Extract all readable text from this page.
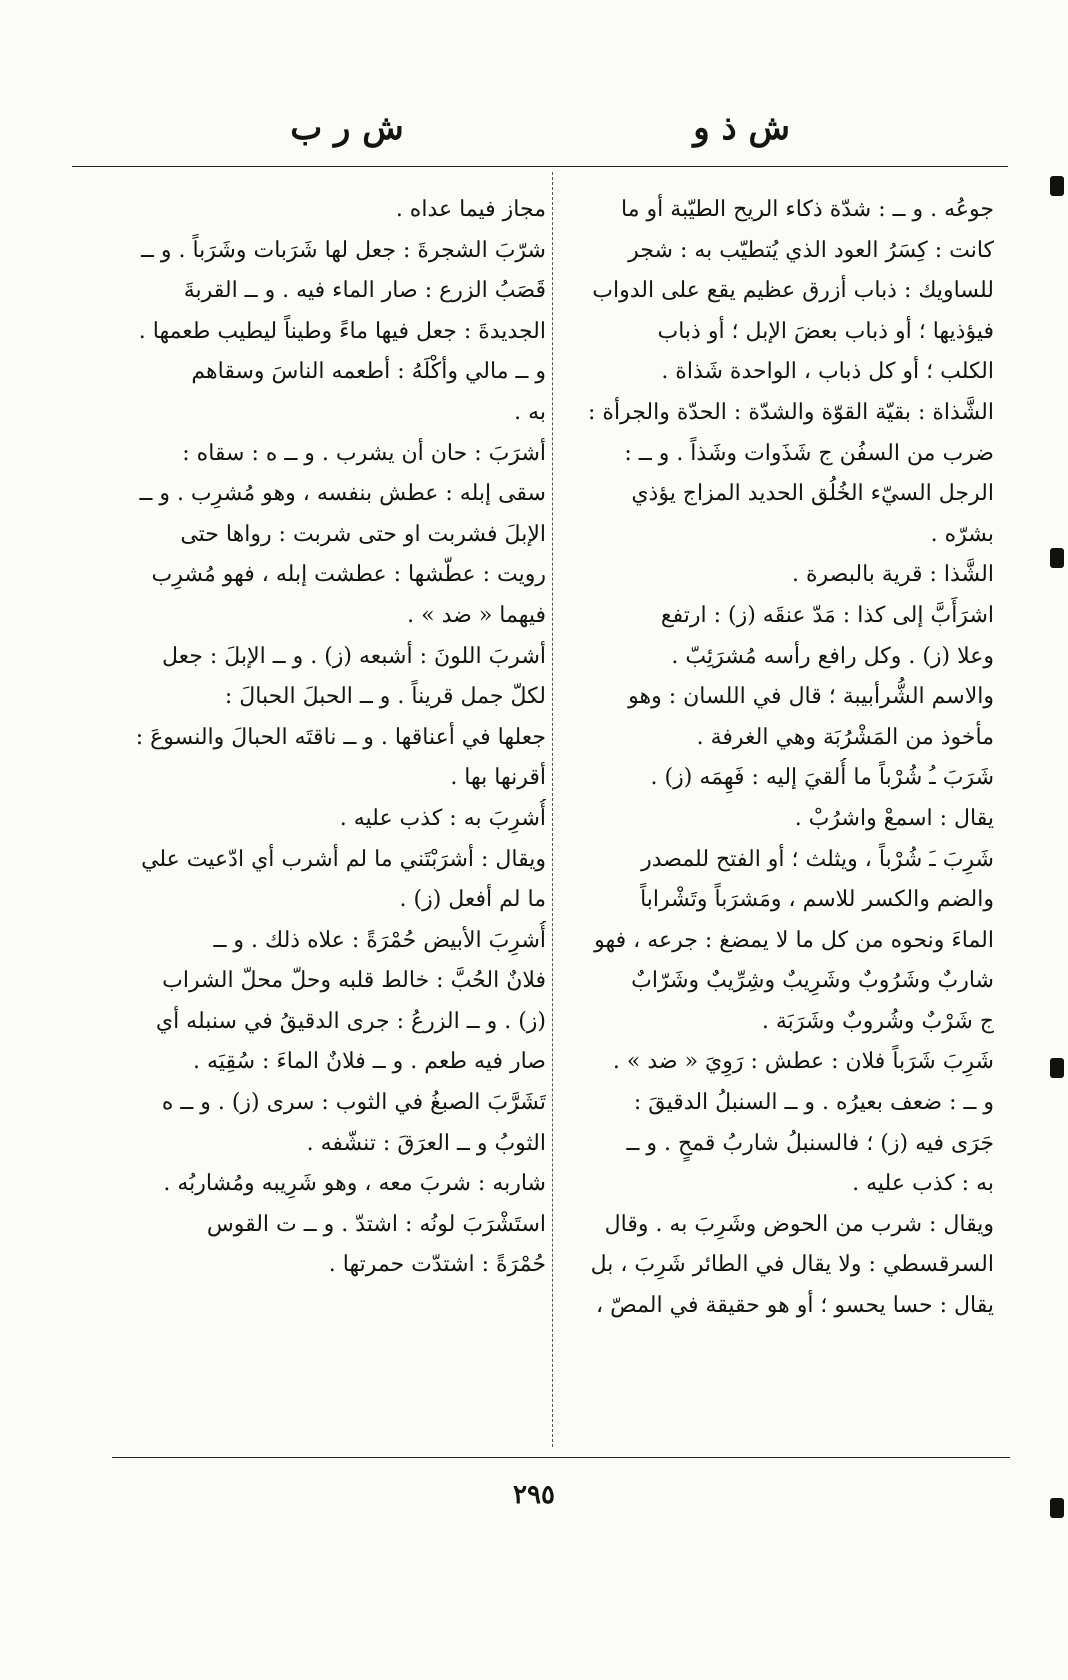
ش ذ و
ش ر ب
جوعُه . و ــ : شدّة ذكاء الريح الطيّبة أو ما
كانت : كِسَرُ العود الذي يُتطيّب به : شجر
للساويك : ذباب أزرق عظيم يقع على الدواب
فيؤذيها ؛ أو ذباب بعضَ الإبل ؛ أو ذباب
الكلب ؛ أو كل ذباب ، الواحدة شَذاة .
الشَّذاة : بقيّة القوّة والشدّة : الحدّة والجرأة :
ضرب من السفُن ج شَذَوات وشَذاً . و ــ :
الرجل السيّء الخُلُق الحديد المزاج يؤذي
بشرّه .
الشَّذا : قرية بالبصرة .
اشرَأَبَّ إلى كذا : مَدّ عنقَه (ز) : ارتفع
وعلا (ز) . وكل رافع رأسه مُشرَئِبّ .
والاسم الشُّرأبيبة ؛ قال في اللسان : وهو
مأخوذ من المَشْرُبَة وهي الغرفة .
شَرَبَ ـُ شُرْباً ما أُلقيَ إليه : فَهِمَه (ز) .
يقال : اسمعْ واشرُبْ .
شَرِبَ ـَ شُرْباً ، ويثلث ؛ أو الفتح للمصدر
والضم والكسر للاسم ، ومَشرَباً وتَشْراباً
الماءَ ونحوه من كل ما لا يمضغ : جرعه ، فهو
شاربٌ وشَرُوبٌ وشَرِيبٌ وشِرِّيبٌ وشَرّابٌ
ج شَرْبٌ وشُروبٌ وشَرَبَة .
شَرِبَ شَرَباً فلان : عطش : رَوِيَ « ضد » .
و ــ : ضعف بعيرُه . و ــ السنبلُ الدقيقَ :
جَرَى فيه (ز) ؛ فالسنبلُ شاربُ قمحٍ . و ــ
به : كذب عليه .
ويقال : شرب من الحوض وشَرِبَ به . وقال
السرقسطي : ولا يقال في الطائر شَرِبَ ، بل
يقال : حسا يحسو ؛ أو هو حقيقة في المصّ ،
مجاز فيما عداه .
شرّبَ الشجرةَ : جعل لها شَرَبات وشَرَباً . و ــ
قَصَبُ الزرع : صار الماء فيه . و ــ القربةَ
الجديدةَ : جعل فيها ماءً وطيناً ليطيب طعمها .
و ــ مالي وأكْلَهُ : أطعمه الناسَ وسقاهم
به .
أشرَبَ : حان أن يشرب . و ــ ه : سقاه :
سقى إبله : عطش بنفسه ، وهو مُشرِب . و ــ
الإبلَ فشربت او حتى شربت : رواها حتى
رويت : عطّشها : عطشت إبله ، فهو مُشرِب
فيهما « ضد » .
أشربَ اللونَ : أشبعه (ز) . و ــ الإبلَ : جعل
لكلّ جمل قريناً . و ــ الحبلَ الحبالَ :
جعلها في أعناقها . و ــ ناقتَه الحبالَ والنسوعَ :
أقرنها بها .
أُشرِبَ به : كذب عليه .
ويقال : أشرَبْتَني ما لم أشرب أي ادّعيت علي
ما لم أفعل (ز) .
أُشرِبَ الأبيض حُمْرَةً : علاه ذلك . و ــ
فلانٌ الحُبَّ : خالط قلبه وحلّ محلّ الشراب
(ز) . و ــ الزرعُ : جرى الدقيقُ في سنبله أي
صار فيه طعم . و ــ فلانٌ الماءَ : سُقِيَه .
تَشَرَّبَ الصبغُ في الثوب : سرى (ز) . و ــ ه
الثوبُ و ــ العرَقَ : تنشّفه .
شاربه : شربَ معه ، وهو شَرِيبه ومُشاربُه .
استَشْرَبَ لونُه : اشتدّ . و ــ ت القوس
حُمْرَةً : اشتدّت حمرتها .
٢٩٥
